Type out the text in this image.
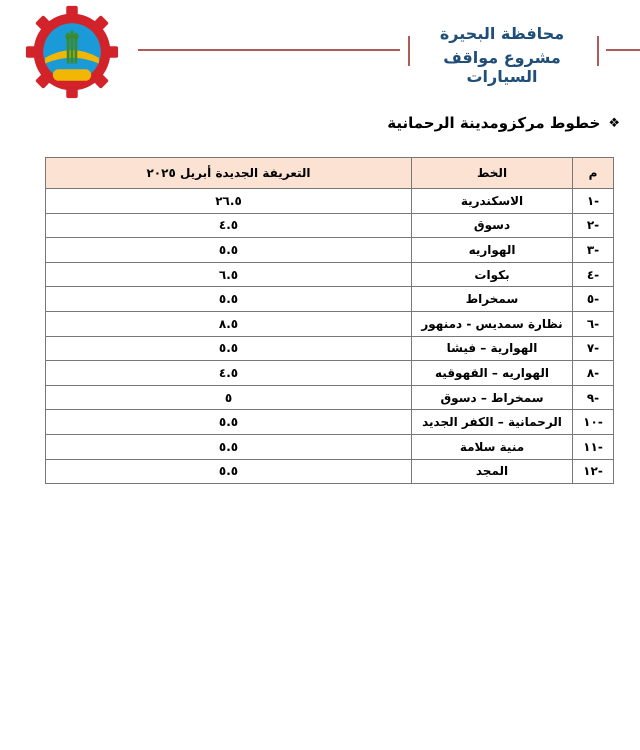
محافظة البحيرة
مشروع مواقف السيارات
❖
خطوط مركزومدينة الرحمانية
م	الخط	التعريفة الجديدة أبريل ٢٠٢٥
-١	الاسكندرية	٢٦.٥
-٢	دسوق	٤.٥
-٣	الهواريه	٥.٥
-٤	بكوات	٦.٥
-٥	سمخراط	٥.٥
-٦	نظارة سمديس - دمنهور	٨.٥
-٧	الهوارية – فيشا	٥.٥
-٨	الهواريه – القهوقيه	٤.٥
-٩	سمخراط – دسوق	٥
-١٠	الرحمانية – الكفر الجديد	٥.٥
-١١	منية سلامة	٥.٥
-١٢	المجد	٥.٥
